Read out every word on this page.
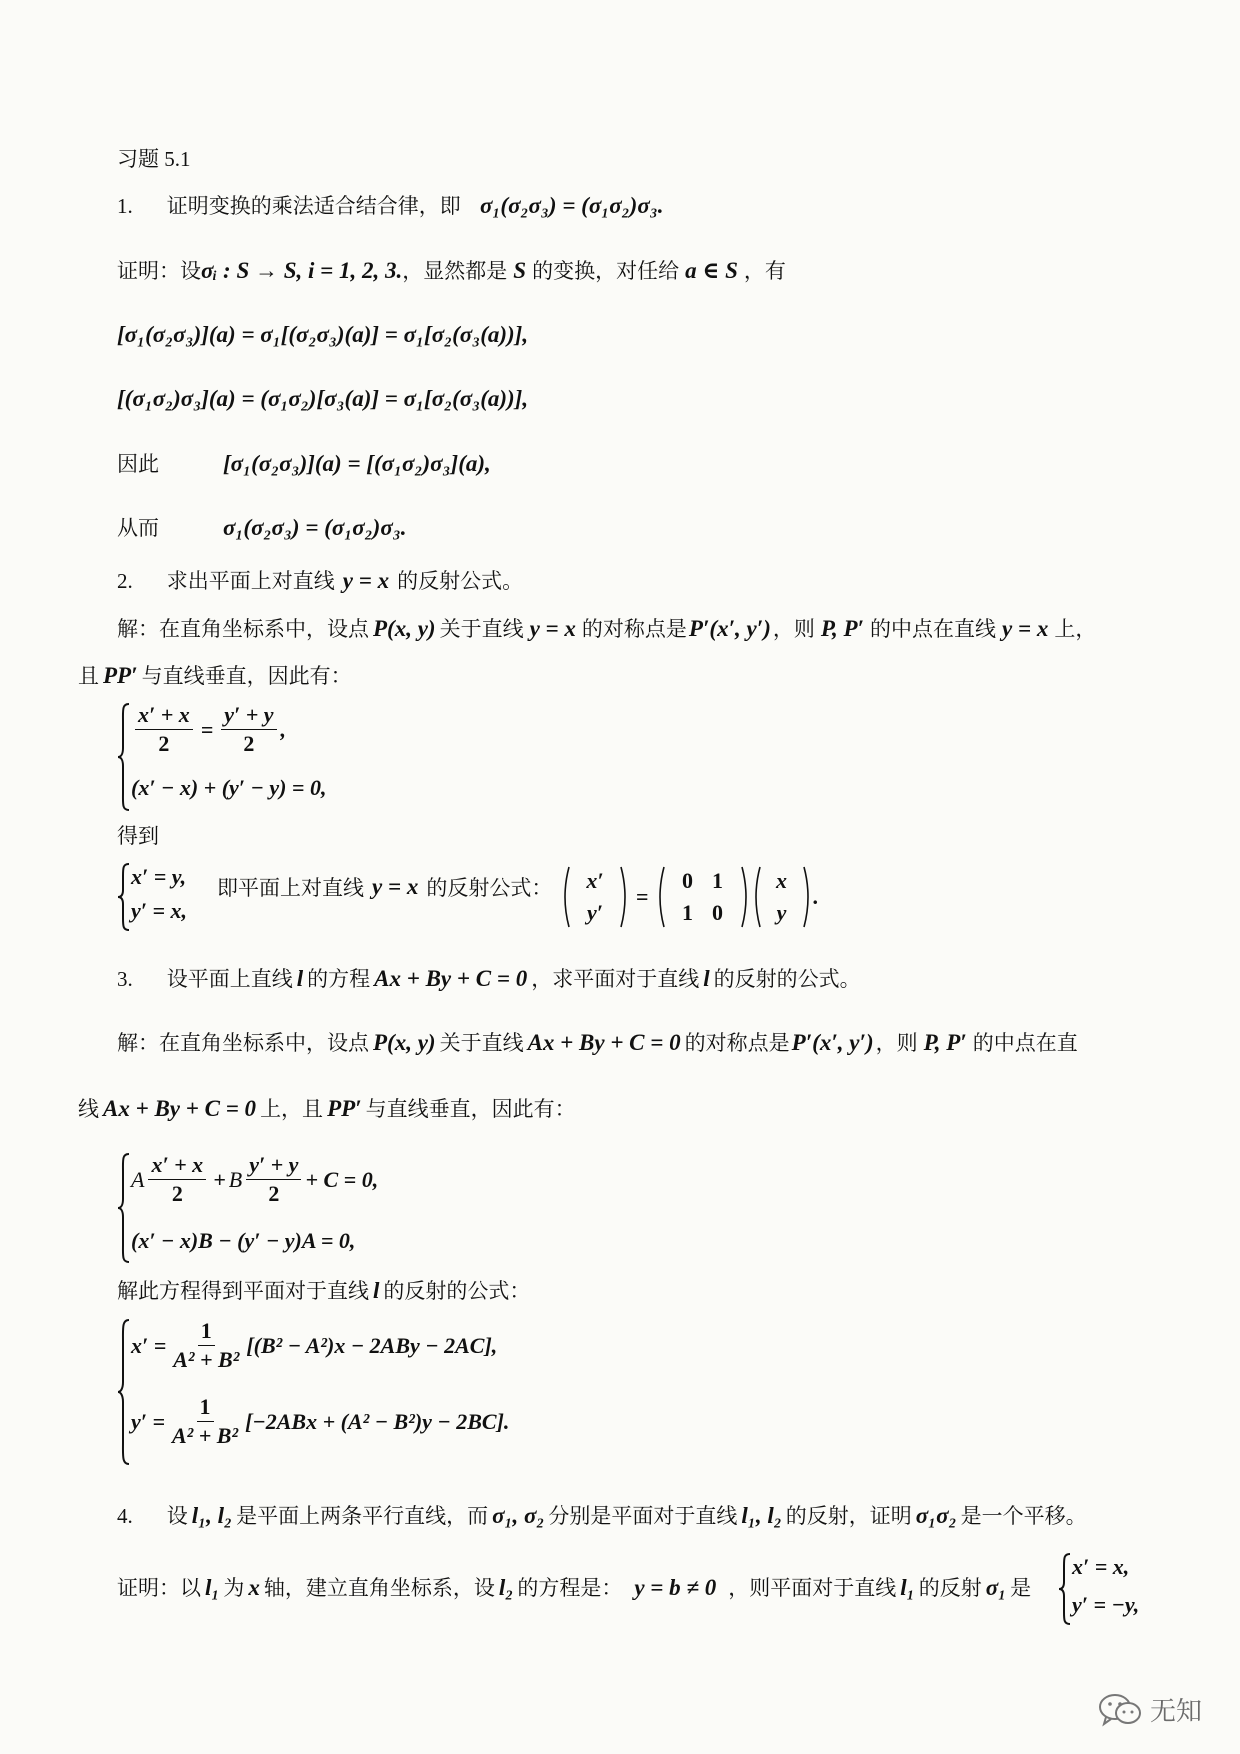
习题 5.1
1. 证明变换的乘法适合结合律，即 σ₁(σ₂σ₃) = (σ₁σ₂)σ₃.
证明：设σᵢ : S → S, i = 1, 2, 3.，显然都是 S 的变换，对任给 a ∈ S ，有
[σ₁(σ₂σ₃)](a) = σ₁[(σ₂σ₃)(a)] = σ₁[σ₂(σ₃(a))],
[(σ₁σ₂)σ₃](a) = (σ₁σ₂)[σ₃(a)] = σ₁[σ₂(σ₃(a))],
因此	[σ₁(σ₂σ₃)](a) = [(σ₁σ₂)σ₃](a),
从而	σ₁(σ₂σ₃) = (σ₁σ₂)σ₃.
2. 求出平面上对直线 y = x 的反射公式。
解：在直角坐标系中，设点 P(x, y) 关于直线 y = x 的对称点是P′(x′, y′)，则 P, P′ 的中点在直线 y = x 上，
且 PP′ 与直线垂直，因此有：
$\frac{x' + x}{2} = \frac{y' + y}{2}$ ,
(x′ − x) + (y′ − y) = 0,
得到
x′ = y,
y′ = x,
即平面上对直线 y = x 的反射公式：	x′
y′
=
0 1
1 0
x
y
.
3. 设平面上直线 l 的方程 Ax + By + C = 0 ，求平面对于直线 l 的反射的公式。
解：在直角坐标系中，设点 P(x, y) 关于直线 Ax + By + C = 0 的对称点是P′(x′, y′)，则 P, P′ 的中点在直
线 Ax + By + C = 0 上，且 PP′ 与直线垂直，因此有：
A $\frac{x' + x}{2} + B \frac{y' + y}{2} + C = 0$,
(x′ − x)B − (y′ − y)A = 0,
解此方程得到平面对于直线 l 的反射的公式：
$x' = \frac{1}{\text{A² + B²}} [(B^2 - A^2)x - 2ABy - 2AC]$,
$y' = \frac{1}{\text{A² + B²}} [-2ABx + (A^2 - B^2)y - 2BC]$.
4. 设 l₁, l₂ 是平面上两条平行直线，而 σ₁, σ₂ 分别是平面对于直线 l₁, l₂ 的反射，证明 σ₁σ₂ 是一个平移。
证明：以 l₁ 为 x 轴，建立直角坐标系，设 l₂ 的方程是： y = b ≠ 0 ，则平面对于直线 l₁ 的反射 σ₁ 是
x′ = x,
y′ = −y,
无知
